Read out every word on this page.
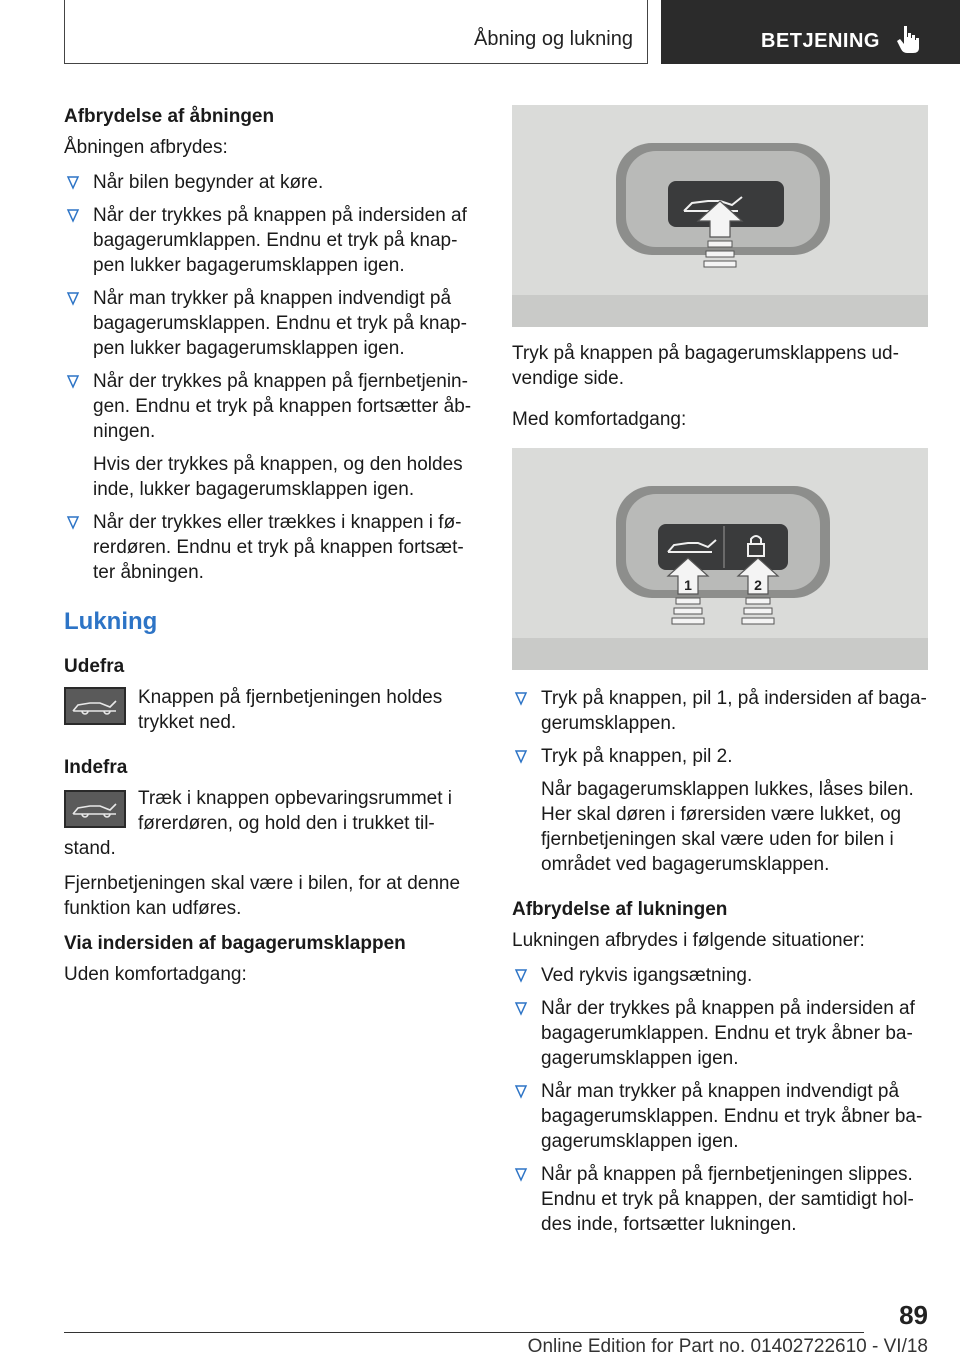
Åbning og lukning	BETJENING
Afbrydelse af åbningen

Åbningen afbrydes:

Når bilen begynder at køre.
Når der trykkes på knappen på indersiden af bagagerumklappen. Endnu et tryk på knap-pen lukker bagagerumsklappen igen.
Når man trykker på knappen indvendigt på bagagerumsklappen. Endnu et tryk på knap-pen lukker bagagerumsklappen igen.
Når der trykkes på knappen på fjernbetjenin-gen. Endnu et tryk på knappen fortsætter åb-ningen.
Hvis der trykkes på knappen, og den holdes inde, lukker bagagerumsklappen igen.
Når der trykkes eller trækkes i knappen i fø-rerdøren. Endnu et tryk på knappen fortsæt-ter åbningen.
Lukning
Udefra
Knappen på fjernbetjeningen holdes trykket ned.
Indefra
Træk i knappen opbevaringsrummet i førerdøren, og hold den i trukket til-stand.

Fjernbetjeningen skal være i bilen, for at denne funktion kan udføres.

Via indersiden af bagagerumsklappen

Uden komfortadgang:

Tryk på knappen på bagagerumsklappens ud-vendige side.

Med komfortadgang:

1	2
Tryk på knappen, pil 1, på indersiden af baga-gerumsklappen.
Tryk på knappen, pil 2.
Når bagagerumsklappen lukkes, låses bilen. Her skal døren i førersiden være lukket, og fjernbetjeningen skal være uden for bilen i området ved bagagerumsklappen.
Afbrydelse af lukningen

Lukningen afbrydes i følgende situationer:

Ved rykvis igangsætning.
Når der trykkes på knappen på indersiden af bagagerumklappen. Endnu et tryk åbner ba-gagerumsklappen igen.
Når man trykker på knappen indvendigt på bagagerumsklappen. Endnu et tryk åbner ba-gagerumsklappen igen.
Når på knappen på fjernbetjeningen slippes. Endnu et tryk på knappen, der samtidigt hol-des inde, fortsætter lukningen.
89
Online Edition for Part no. 01402722610 - VI/18
